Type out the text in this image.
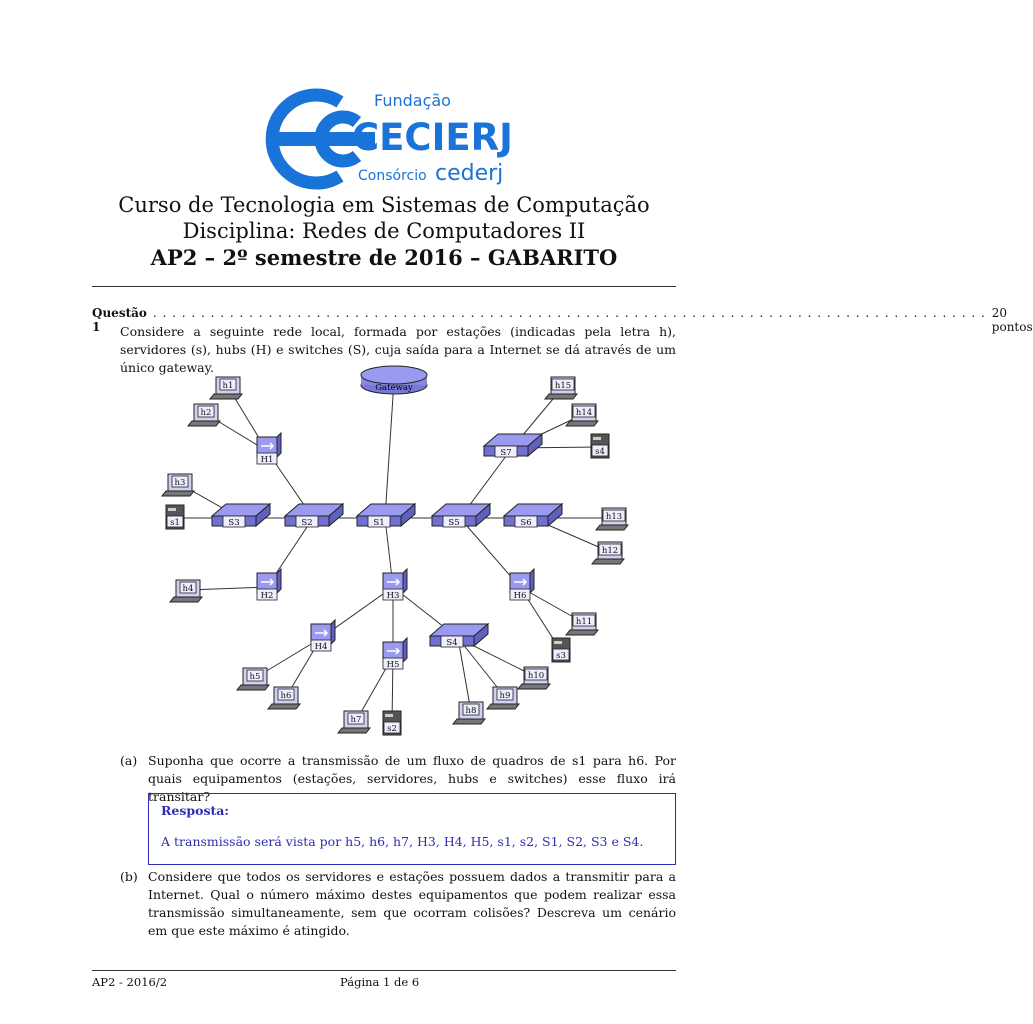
Fundação
CECIERJ
Consórcio cederj
Curso de Tecnologia em Sistemas de Computação
Disciplina: Redes de Computadores II
AP2 – 2º semestre de 2016 – GABARITO
Questão 1
. . . . . . . . . . . . . . . . . . . . . . . . . . . . . . . . . . . . . . . . . . . . . . . . . . . . . . . . . . . . . . . . . . . . . . . . . . . . . . . . . . . . . . . 20 pontos
Considere a seguinte rede local, formada por estações (indicadas pela letra h), servidores (s), hubs (H) e switches (S), cuja saída para a Internet se dá através de um único gateway.
Gateway
S1
S2
S3
S4
S5	S6
S7
H1
H2	H3
H4
H5
H6
h1
h2
h3
h4
h5
h6
h7
h8
h9
h10
h11
h12
h13
h14
h15
s1
s2
s3
s4
(a) Suponha que ocorre a transmissão de um fluxo de quadros de s1 para h6. Por quais equipamentos (estações, servidores, hubs e switches) esse fluxo irá transitar?
Resposta:
A transmissão será vista por h5, h6, h7, H3, H4, H5, s1, s2, S1, S2, S3 e S4.
(b) Considere que todos os servidores e estações possuem dados a transmitir para a Internet. Qual o número máximo destes equipamentos que podem realizar essa transmissão simultaneamente, sem que ocorram colisões? Descreva um cenário em que este máximo é atingido.
AP2 - 2016/2	Página 1 de 6
